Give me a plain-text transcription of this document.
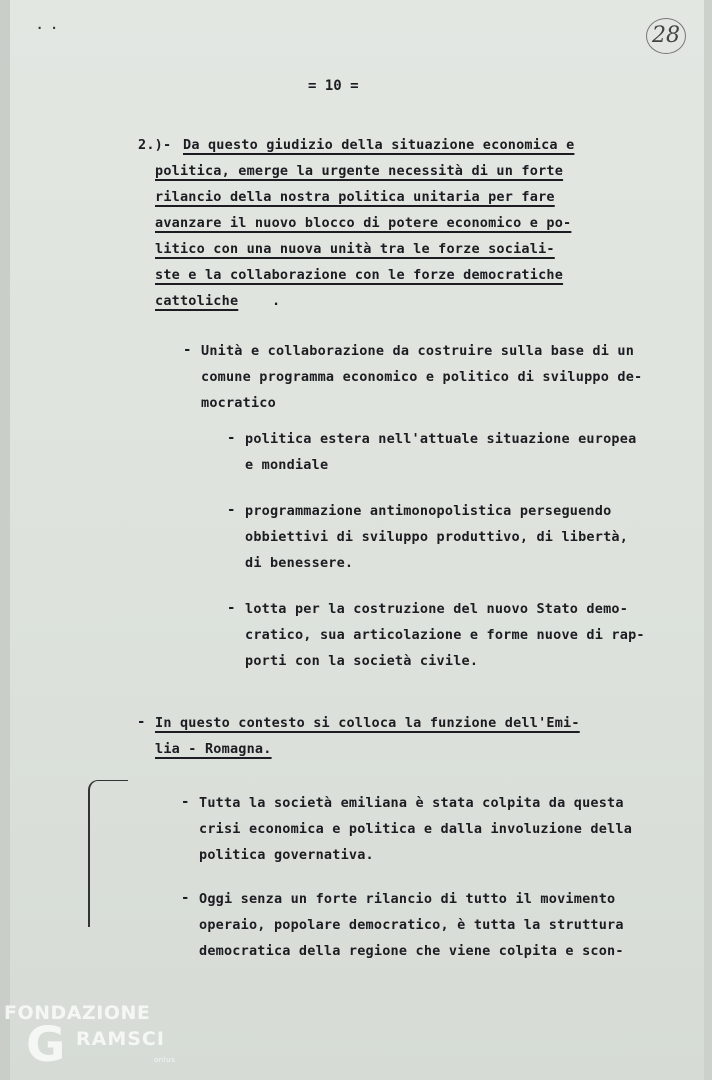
. .	28
= 10 =
2.)- Da questo giudizio della situazione economica e
politica, emerge la urgente necessità di un forte
rilancio della nostra politica unitaria per fare
avanzare il nuovo blocco di potere economico e po-
litico con una nuova unità tra le forze sociali-
ste e la collaborazione con le forze democratiche
cattoliche .
- Unità e collaborazione da costruire sulla base di un
comune programma economico e politico di sviluppo de-
mocratico
- politica estera nell'attuale situazione europea
e mondiale
- programmazione antimonopolistica perseguendo
obbiettivi di sviluppo produttivo, di libertà,
di benessere.
- lotta per la costruzione del nuovo Stato demo-
cratico, sua articolazione e forme nuove di rap-
porti con la società civile.
- In questo contesto si colloca la funzione dell'Emi-
lia - Romagna.
- Tutta la società emiliana è stata colpita da questa
crisi economica e politica e dalla involuzione della
politica governativa.
- Oggi senza un forte rilancio di tutto il movimento
operaio, popolare democratico, è tutta la struttura
democratica della regione che viene colpita e scon-
FONDAZIONE
G RAMSCI
onlus
